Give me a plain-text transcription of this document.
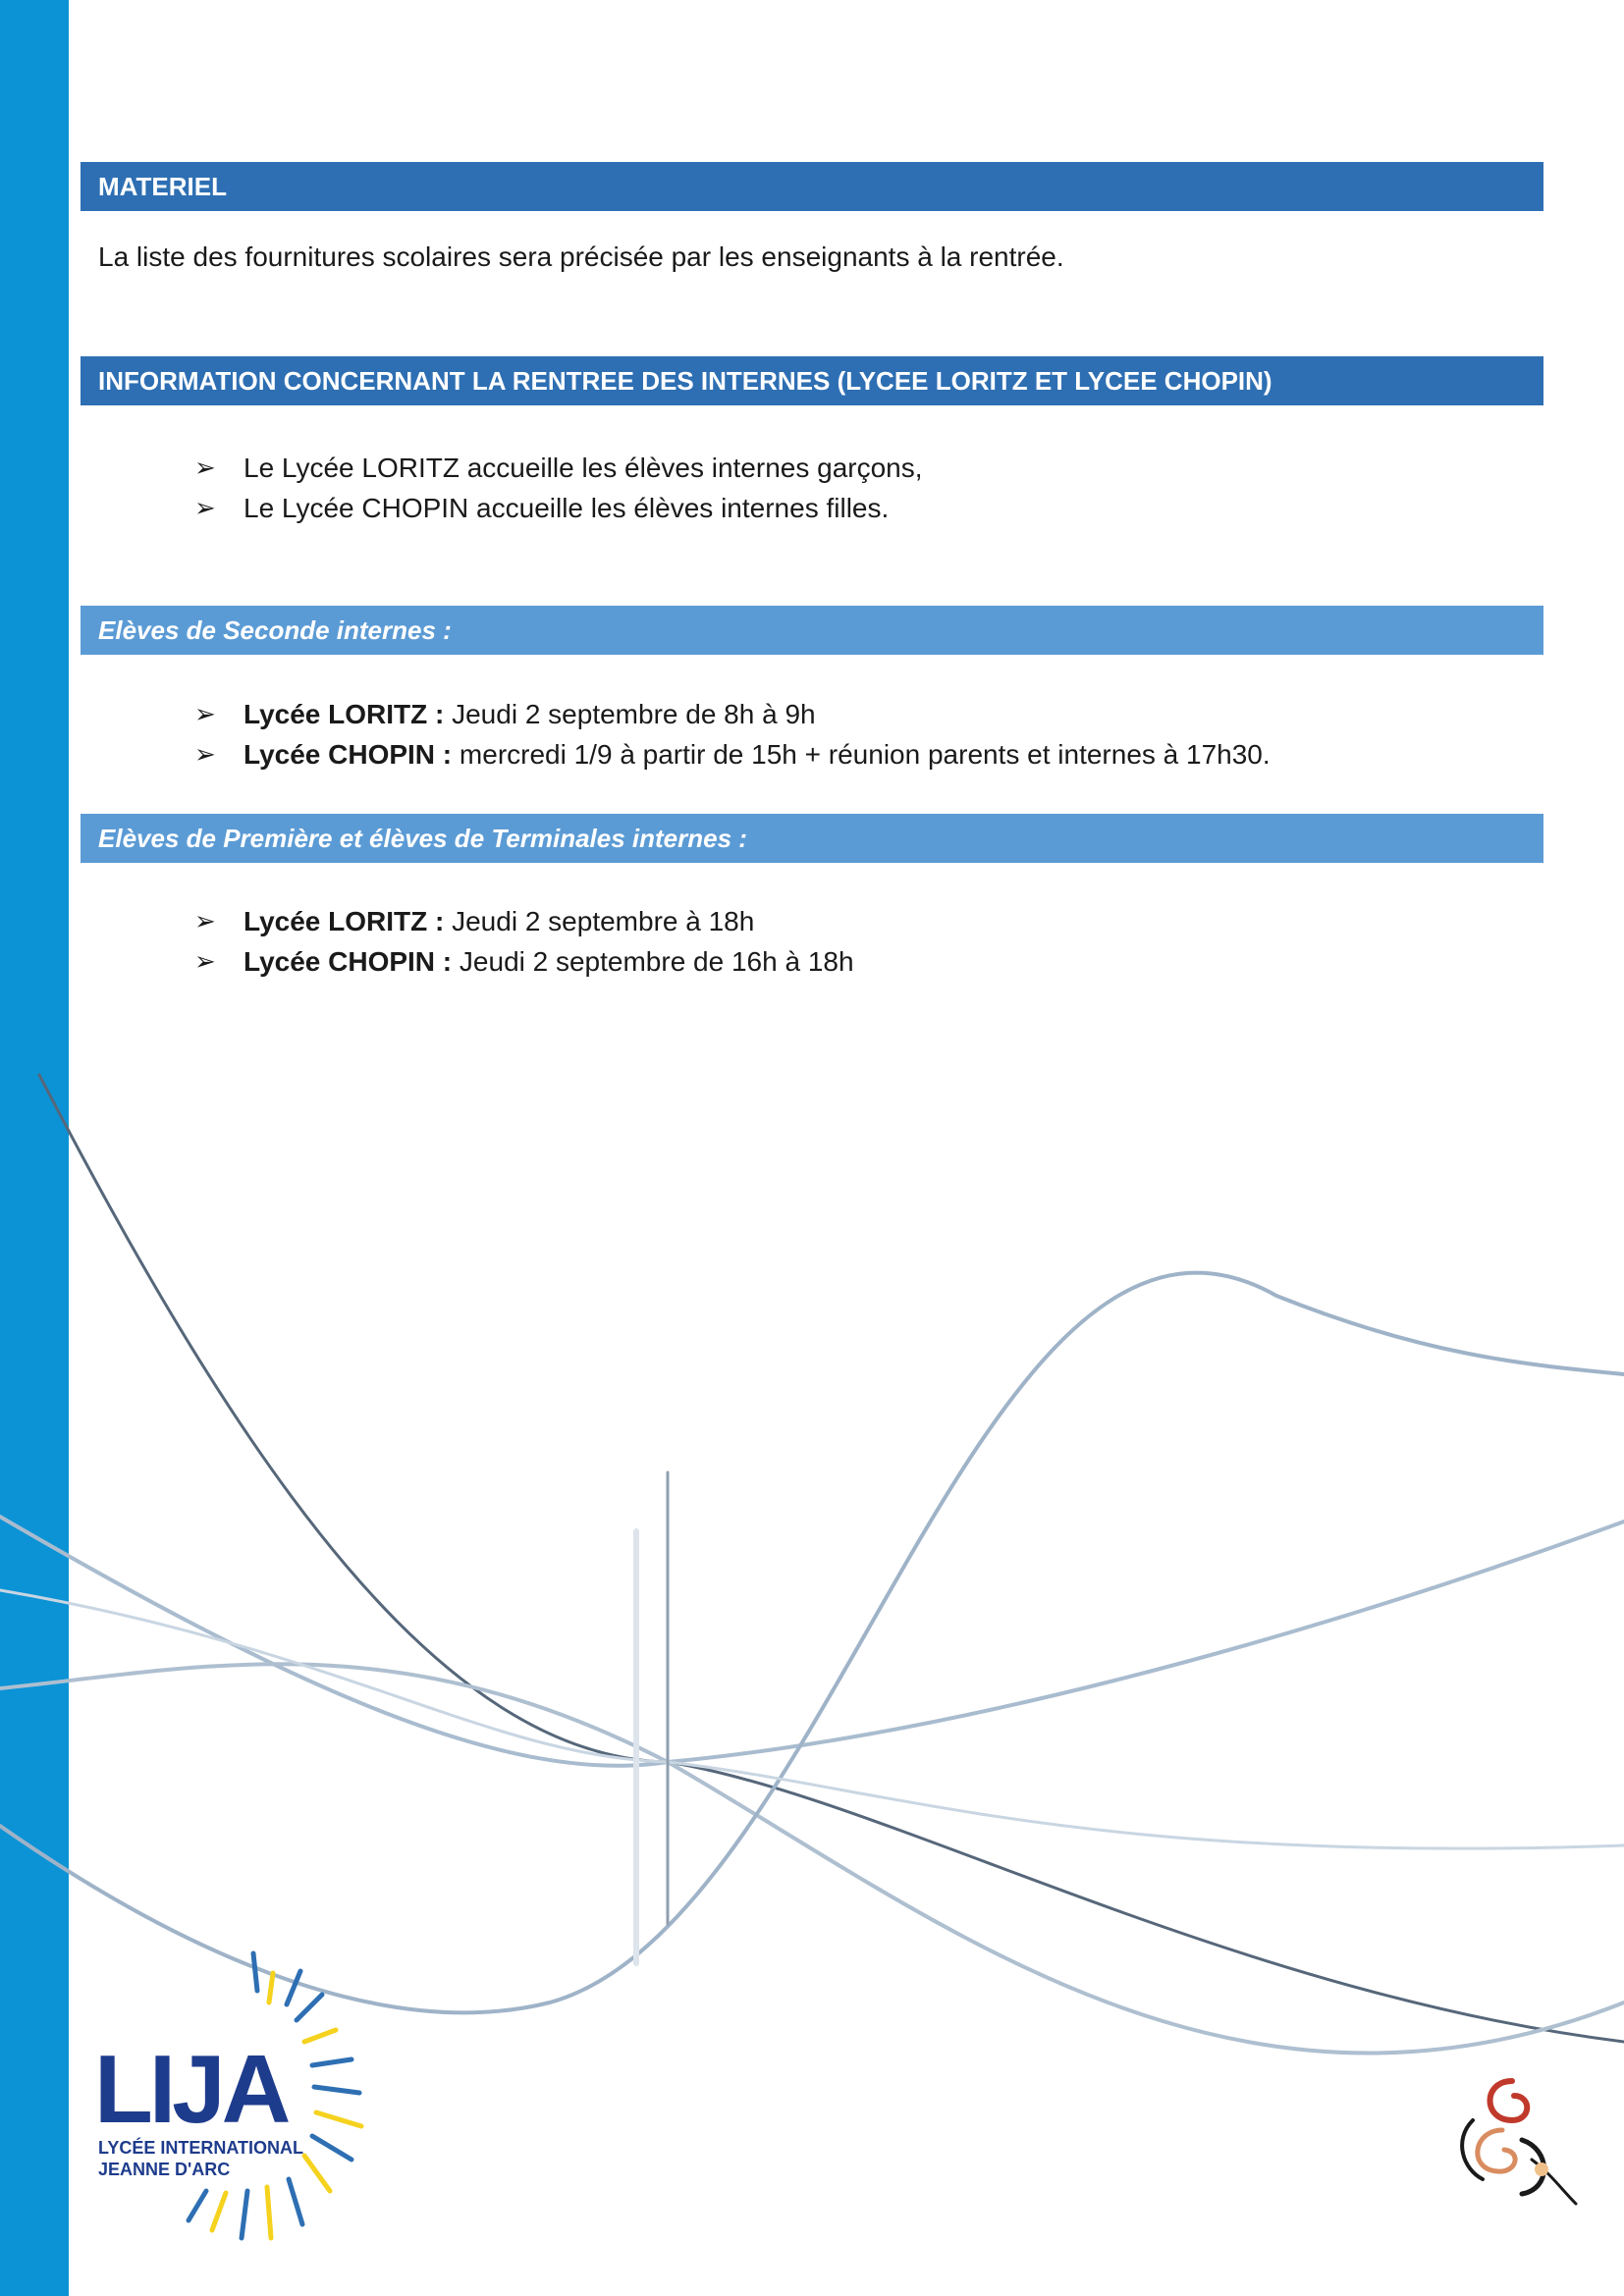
MATERIEL
La liste des fournitures scolaires sera précisée par les enseignants à la rentrée.
INFORMATION CONCERNANT LA RENTREE DES INTERNES (LYCEE LORITZ ET LYCEE CHOPIN)
➢	Le Lycée LORITZ accueille les élèves internes garçons,
➢	Le Lycée CHOPIN accueille les élèves internes filles.
Elèves de Seconde internes :
➢	Lycée LORITZ : Jeudi 2 septembre de 8h à 9h
➢	Lycée CHOPIN : mercredi 1/9 à partir de 15h + réunion parents et internes à 17h30.
Elèves de Première et élèves de Terminales internes :
➢	Lycée LORITZ : Jeudi 2 septembre à 18h
➢	Lycée CHOPIN : Jeudi 2 septembre de 16h à 18h
LIJA
LYCÉE INTERNATIONAL
JEANNE D'ARC
